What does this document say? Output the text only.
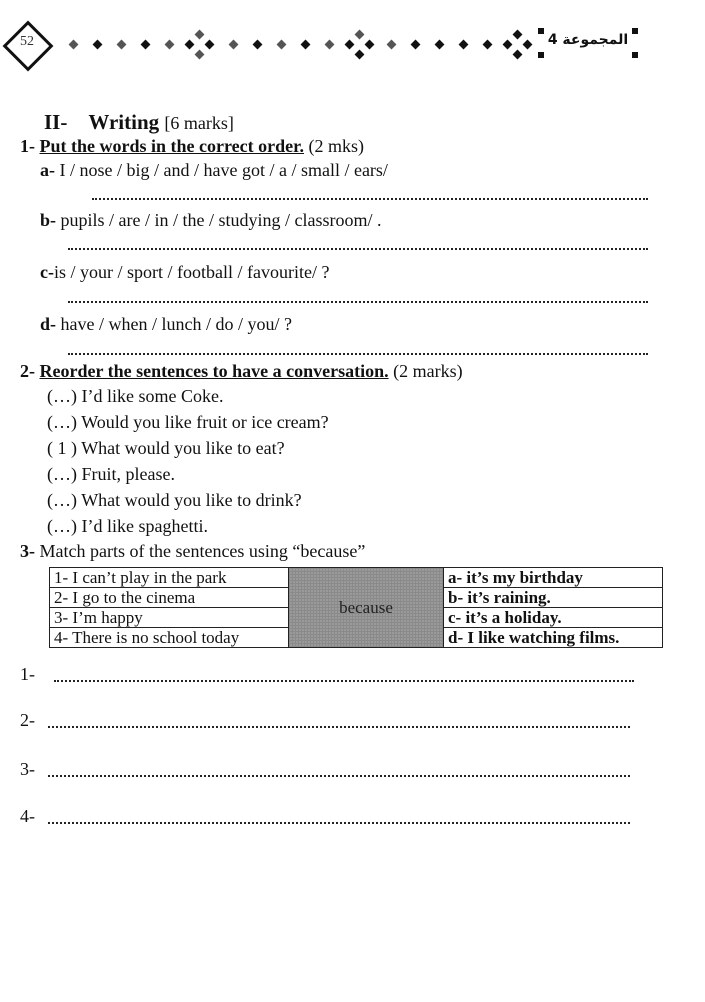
52	المجموعة 4
II- Writing [6 marks]
1- Put the words in the correct order. (2 mks)
a- I / nose / big / and / have got / a / small / ears/
b- pupils / are / in / the / studying / classroom/ .
c-is / your / sport / football / favourite/ ?
d- have / when / lunch / do / you/ ?
2- Reorder the sentences to have a conversation. (2 marks)
(…) I’d like some Coke.
(…) Would you like fruit or ice cream?
( 1 ) What would you like to eat?
(…) Fruit, please.
(…) What would you like to drink?
(…) I’d like spaghetti.
3- Match parts of the sentences using “because”
1- I can’t play in the park	because	a- it’s my birthday
2- I go to the cinema		b- it’s raining.
3- I’m happy		c- it’s a holiday.
4- There is no school today		d- I like watching films.
1-
2-
3-
4-
